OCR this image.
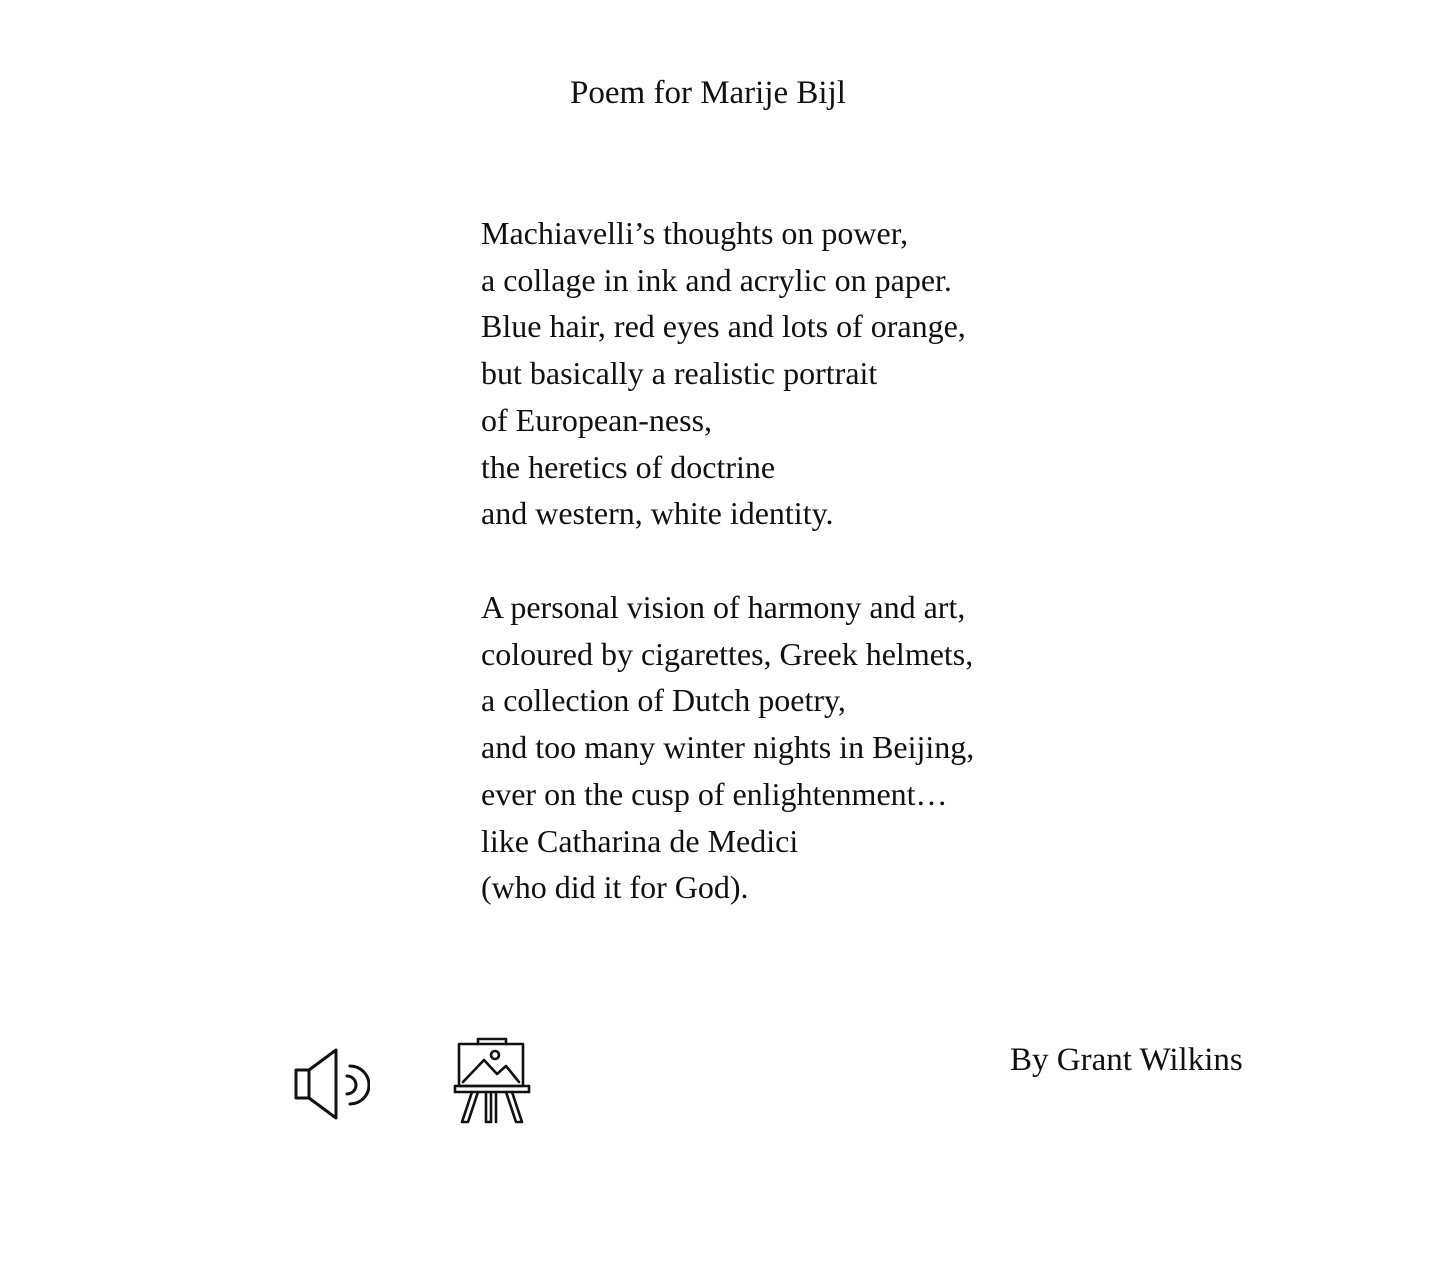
Poem for Marije Bijl
Machiavelli’s thoughts on power,
a collage in ink and acrylic on paper.
Blue hair, red eyes and lots of orange,
but basically a realistic portrait
of European-ness,
the heretics of doctrine
and western, white identity.
A personal vision of harmony and art,
coloured by cigarettes, Greek helmets,
a collection of Dutch poetry,
and too many winter nights in Beijing,
ever on the cusp of enlightenment…
like Catharina de Medici
(who did it for God).
By Grant Wilkins
